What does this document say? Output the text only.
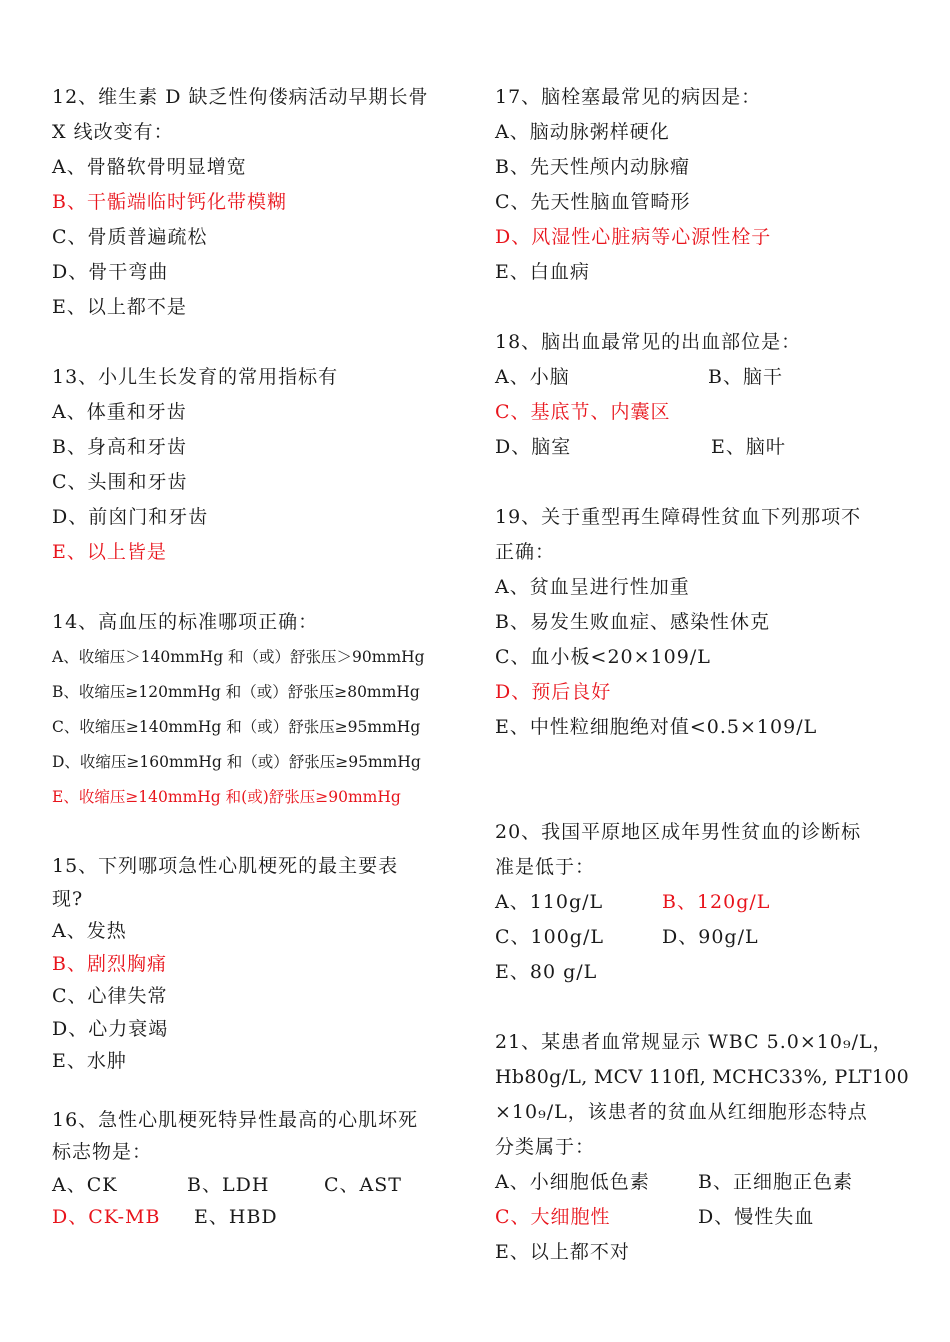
12、维生素 D 缺乏性佝偻病活动早期长骨
X 线改变有：
A、骨骼软骨明显增宽
B、干骺端临时钙化带模糊
C、骨质普遍疏松
D、骨干弯曲
E、以上都不是
13、小儿生长发育的常用指标有
A、体重和牙齿
B、身高和牙齿
C、头围和牙齿
D、前囟门和牙齿
E、以上皆是
14、高血压的标准哪项正确：
A、收缩压＞140mmHg 和（或）舒张压＞90mmHg
B、收缩压≥120mmHg 和（或）舒张压≥80mmHg
C、收缩压≥140mmHg 和（或）舒张压≥95mmHg
D、收缩压≥160mmHg 和（或）舒张压≥95mmHg
E、收缩压≥140mmHg 和(或)舒张压≥90mmHg
15、下列哪项急性心肌梗死的最主要表
现?
A、发热
B、剧烈胸痛
C、心律失常
D、心力衰竭
E、水肿
16、急性心肌梗死特异性最高的心肌坏死
标志物是：
A、CK	B、LDH	C、AST
D、CK-MB E、HBD
17、脑栓塞最常见的病因是：
A、脑动脉粥样硬化
B、先天性颅内动脉瘤
C、先天性脑血管畸形
D、风湿性心脏病等心源性栓子
E、白血病
18、脑出血最常见的出血部位是：
A、小脑	B、脑干
C、基底节、内囊区
D、脑室	E、脑叶
19、关于重型再生障碍性贫血下列那项不
正确：
A、贫血呈进行性加重
B、易发生败血症、感染性休克
C、血小板<20×109/L
D、预后良好
E、中性粒细胞绝对值<0.5×109/L
20、我国平原地区成年男性贫血的诊断标
准是低于：
A、110g/L	B、120g/L
C、100g/L	D、90g/L
E、80 g/L
21、某患者血常规显示 WBC 5.0×10₉/L，
Hb80g/L, MCV 110fl, MCHC33%, PLT100
×10₉/L，该患者的贫血从红细胞形态特点
分类属于：
A、小细胞低色素	B、正细胞正色素
C、大细胞性	D、慢性失血
E、以上都不对
